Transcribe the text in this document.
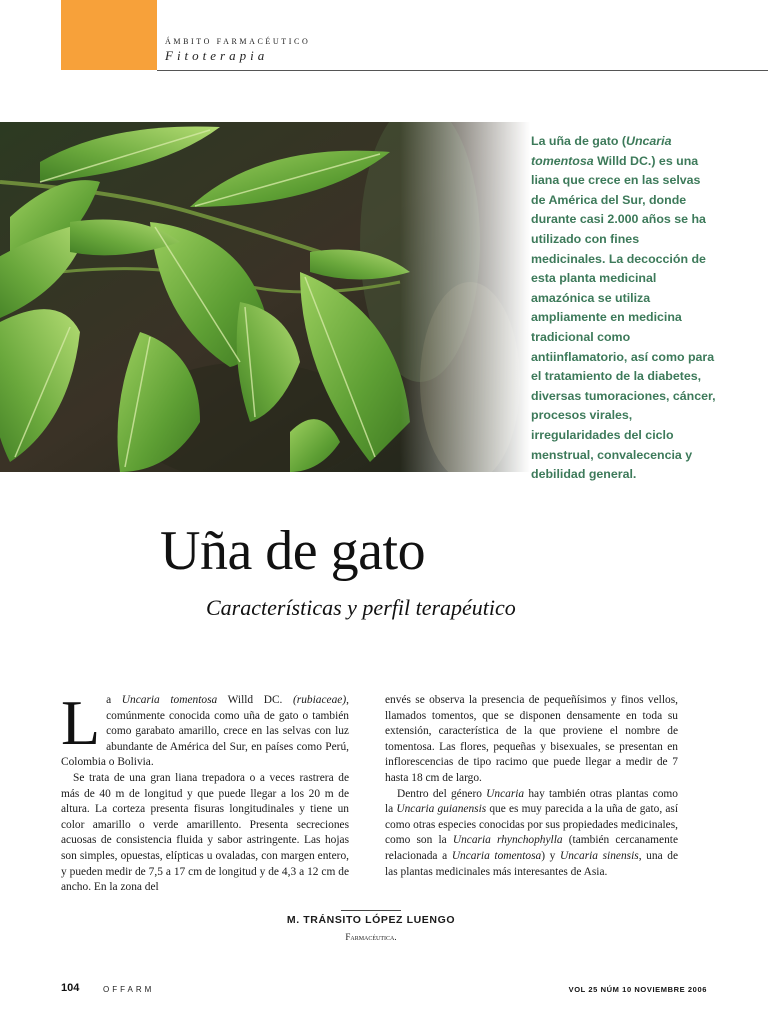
ÁMBITO FARMACÉUTICO
Fitoterapia
La uña de gato (Uncaria tomentosa Willd DC.) es una liana que crece en las selvas de América del Sur, donde durante casi 2.000 años se ha utilizado con fines medicinales. La decocción de esta planta medicinal amazónica se utiliza ampliamente en medicina tradicional como antiinflamatorio, así como para el tratamiento de la diabetes, diversas tumoraciones, cáncer, procesos virales, irregularidades del ciclo menstrual, convalecencia y debilidad general.
Uña de gato
Características y perfil terapéutico

La Uncaria tomentosa Willd DC. (rubiaceae), comúnmente conocida como uña de gato o también como garabato amarillo, crece en las selvas con luz abundante de América del Sur, en países como Perú, Colombia o Bolivia.

Se trata de una gran liana trepadora o a veces rastrera de más de 40 m de longitud y que puede llegar a los 20 m de altura. La corteza presenta fisuras longitudinales y tiene un color amarillo o verde amarillento. Presenta secreciones acuosas de consistencia fluida y sabor astringente. Las hojas son simples, opuestas, elípticas u ovaladas, con margen entero, y pueden medir de 7,5 a 17 cm de longitud y de 4,3 a 12 cm de ancho. En la zona del

envés se observa la presencia de pequeñísimos y finos vellos, llamados tomentos, que se disponen densamente en toda su extensión, característica de la que proviene el nombre de tomentosa. Las flores, pequeñas y bisexuales, se presentan en inflorescencias de tipo racimo que puede llegar a medir de 7 hasta 18 cm de largo.

Dentro del género Uncaria hay también otras plantas como la Uncaria guianensis que es muy parecida a la uña de gato, así como otras especies conocidas por sus propiedades medicinales, como son la Uncaria rhynchophylla (también cercanamente relacionada a Uncaria tomentosa) y Uncaria sinensis, una de las plantas medicinales más interesantes de Asia.

M. TRÁNSITO LÓPEZ LUENGO
Farmacéutica.
104	OFFARM	VOL 25 NÚM 10 NOVIEMBRE 2006
